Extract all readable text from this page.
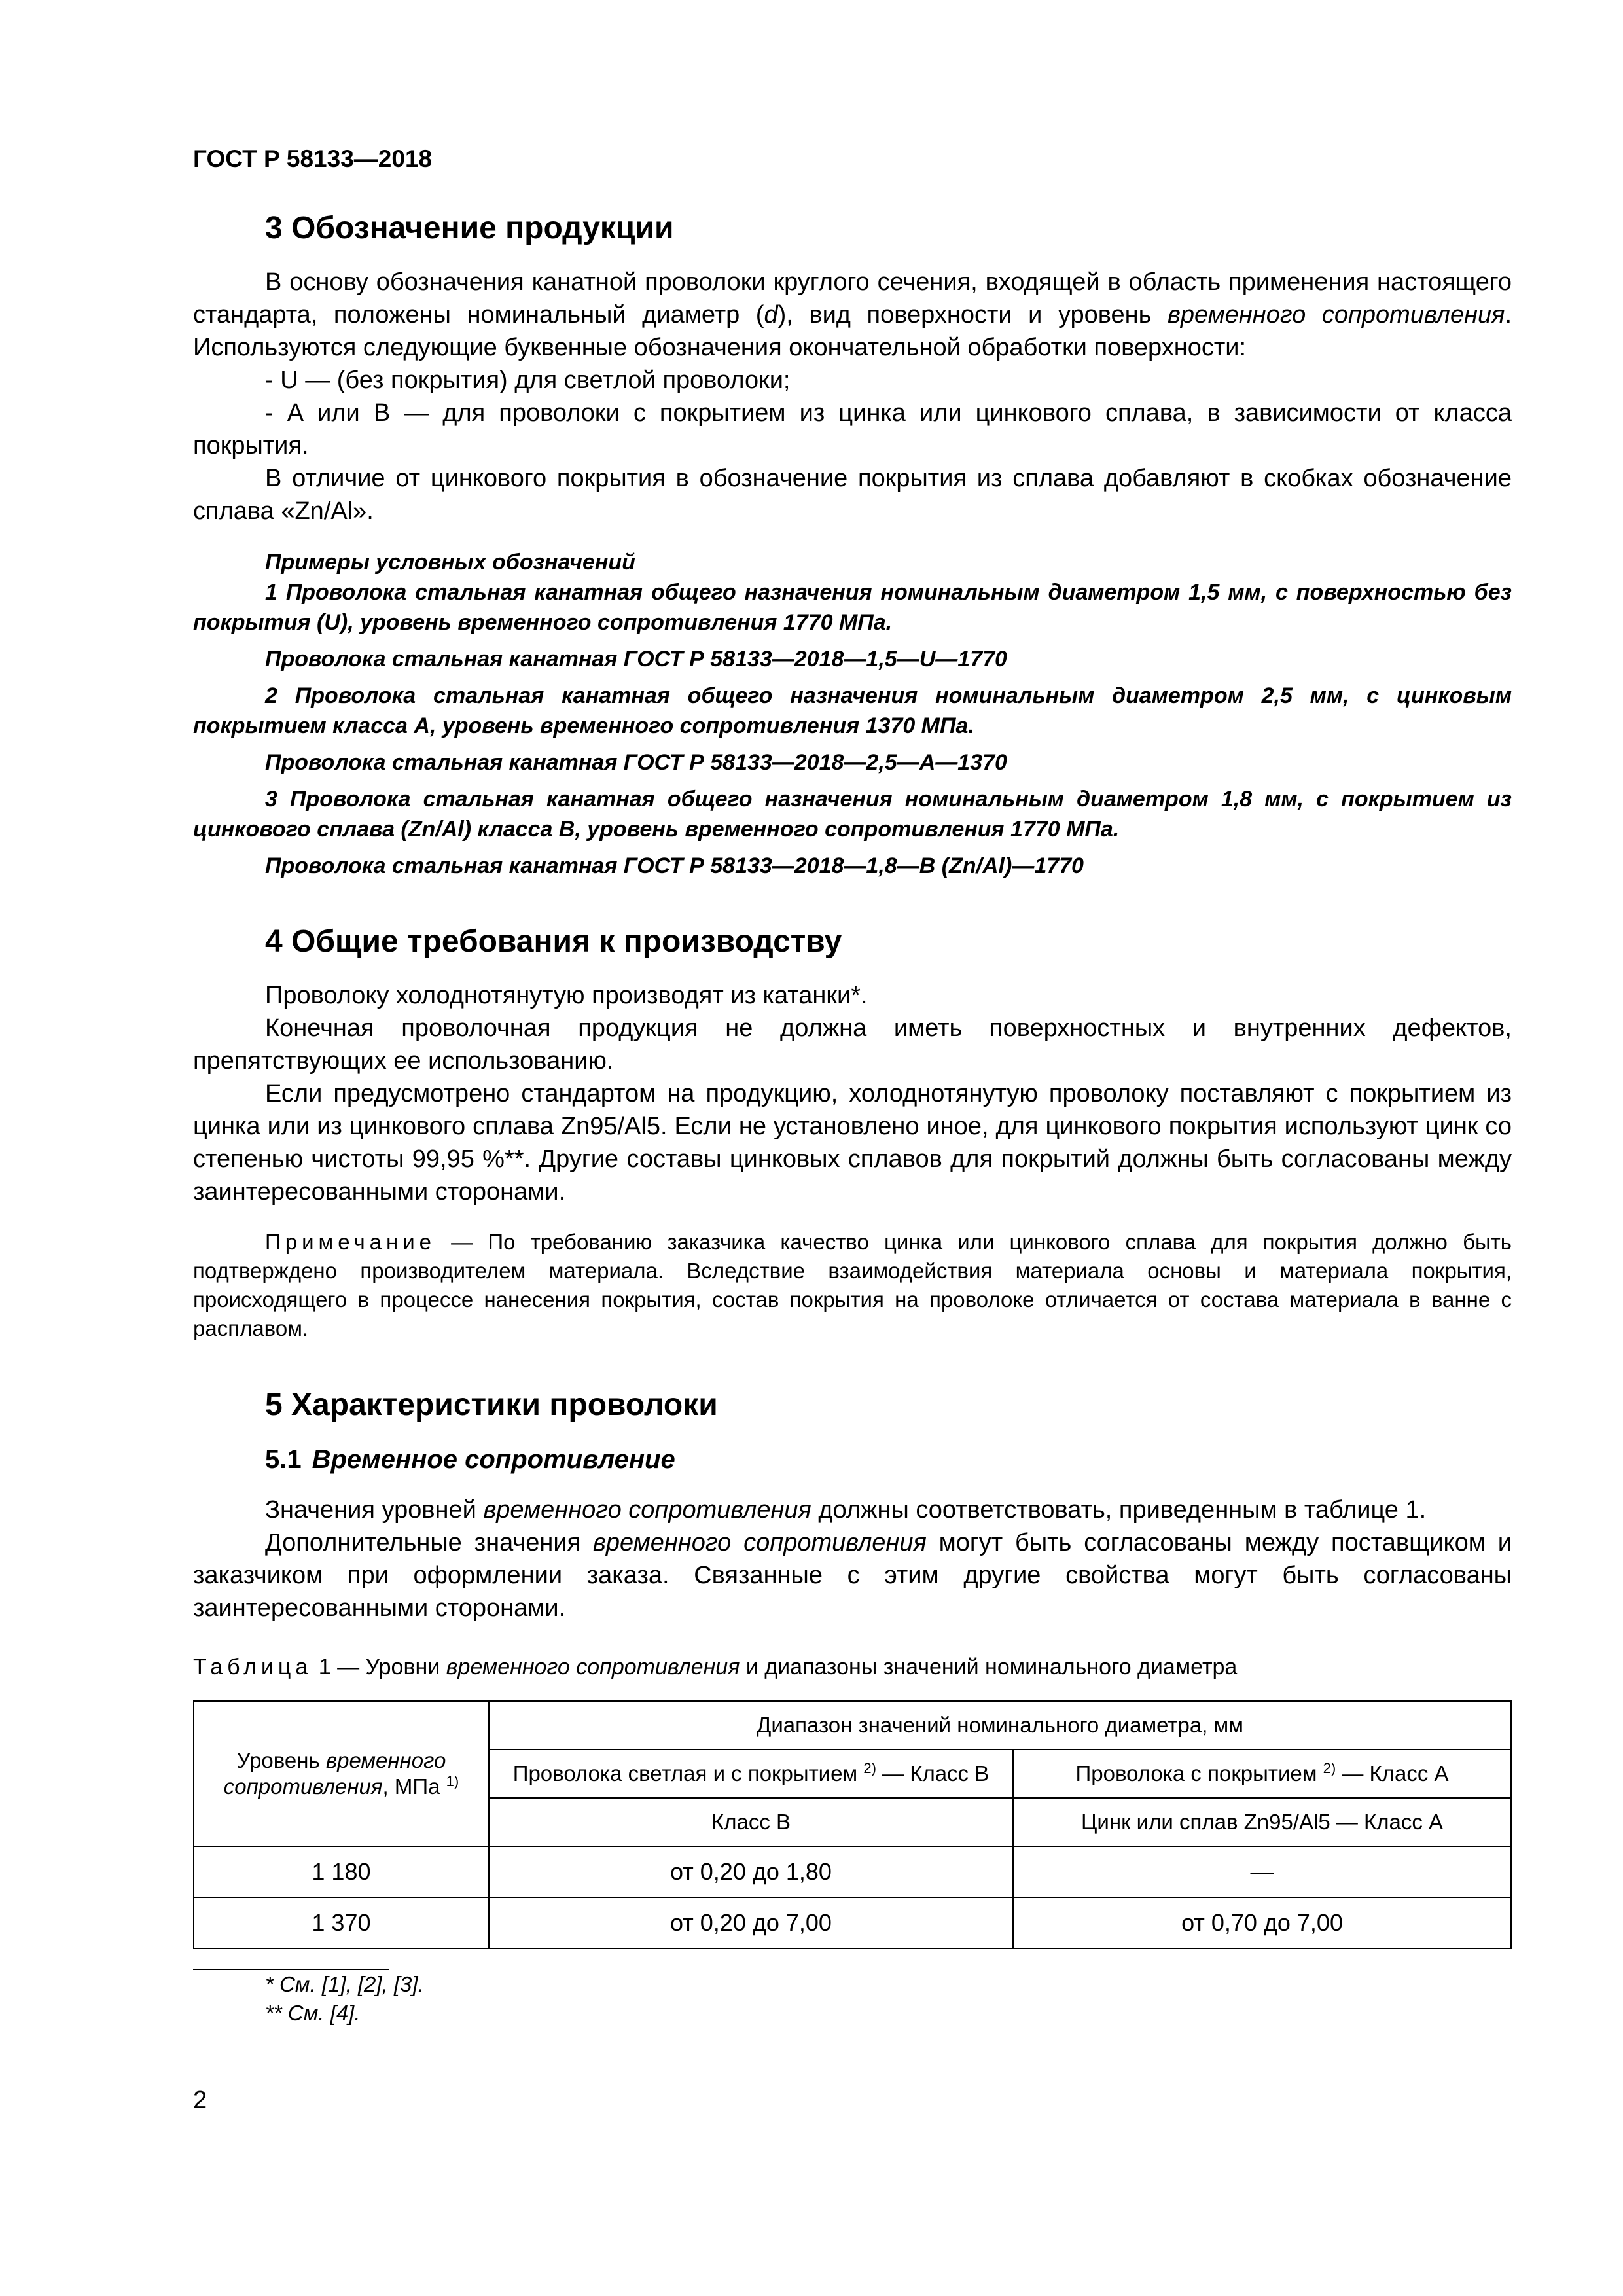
ГОСТ Р 58133—2018
3 Обозначение продукции

В основу обозначения канатной проволоки круглого сечения, входящей в область применения настоящего стандарта, положены номинальный диаметр (d), вид поверхности и уровень временного сопротивления. Используются следующие буквенные обозначения окончательной обработки поверхности:

- U — (без покрытия) для светлой проволоки;

- А или В — для проволоки с покрытием из цинка или цинкового сплава, в зависимости от класса покрытия.

В отличие от цинкового покрытия в обозначение покрытия из сплава добавляют в скобках обозначение сплава «Zn/Al».

Примеры условных обозначений

1 Проволока стальная канатная общего назначения номинальным диаметром 1,5 мм, с поверхностью без покрытия (U), уровень временного сопротивления 1770 МПа.

Проволока стальная канатная ГОСТ Р 58133—2018—1,5—U—1770

2 Проволока стальная канатная общего назначения номинальным диаметром 2,5 мм, с цинковым покрытием класса А, уровень временного сопротивления 1370 МПа.

Проволока стальная канатная ГОСТ Р 58133—2018—2,5—А—1370

3 Проволока стальная канатная общего назначения номинальным диаметром 1,8 мм, с покрытием из цинкового сплава (Zn/Al) класса В, уровень временного сопротивления 1770 МПа.

Проволока стальная канатная ГОСТ Р 58133—2018—1,8—В (Zn/Al)—1770

4 Общие требования к производству

Проволоку холоднотянутую производят из катанки*.

Конечная проволочная продукция не должна иметь поверхностных и внутренних дефектов, препятствующих ее использованию.

Если предусмотрено стандартом на продукцию, холоднотянутую проволоку поставляют с покрытием из цинка или из цинкового сплава Zn95/Al5. Если не установлено иное, для цинкового покрытия используют цинк со степенью чистоты 99,95 %**. Другие составы цинковых сплавов для покрытий должны быть согласованы между заинтересованными сторонами.

Примечание — По требованию заказчика качество цинка или цинкового сплава для покрытия должно быть подтверждено производителем материала. Вследствие взаимодействия материала основы и материала покрытия, происходящего в процессе нанесения покрытия, состав покрытия на проволоке отличается от состава материала в ванне с расплавом.

5 Характеристики проволоки
5.1 Временное сопротивление

Значения уровней временного сопротивления должны соответствовать, приведенным в таблице 1.

Дополнительные значения временного сопротивления могут быть согласованы между поставщиком и заказчиком при оформлении заказа. Связанные с этим другие свойства могут быть согласованы заинтересованными сторонами.

Таблица 1 — Уровни временного сопротивления и диапазоны значений номинального диаметра
Уровень временного сопротивления, МПа $^{1)}$	Диапазон значений номинального диаметра, мм	
	Проволока светлая и с покрытием $^{2)}$ — Класс В	Проволока с покрытием $^{2)}$ — Класс А
	Класс В	Цинк или сплав Zn95/Al5 — Класс А
1 180	от 0,20 до 1,80	—
1 370	от 0,20 до 7,00	от 0,70 до 7,00
* См. [1], [2], [3].
** См. [4].
2
